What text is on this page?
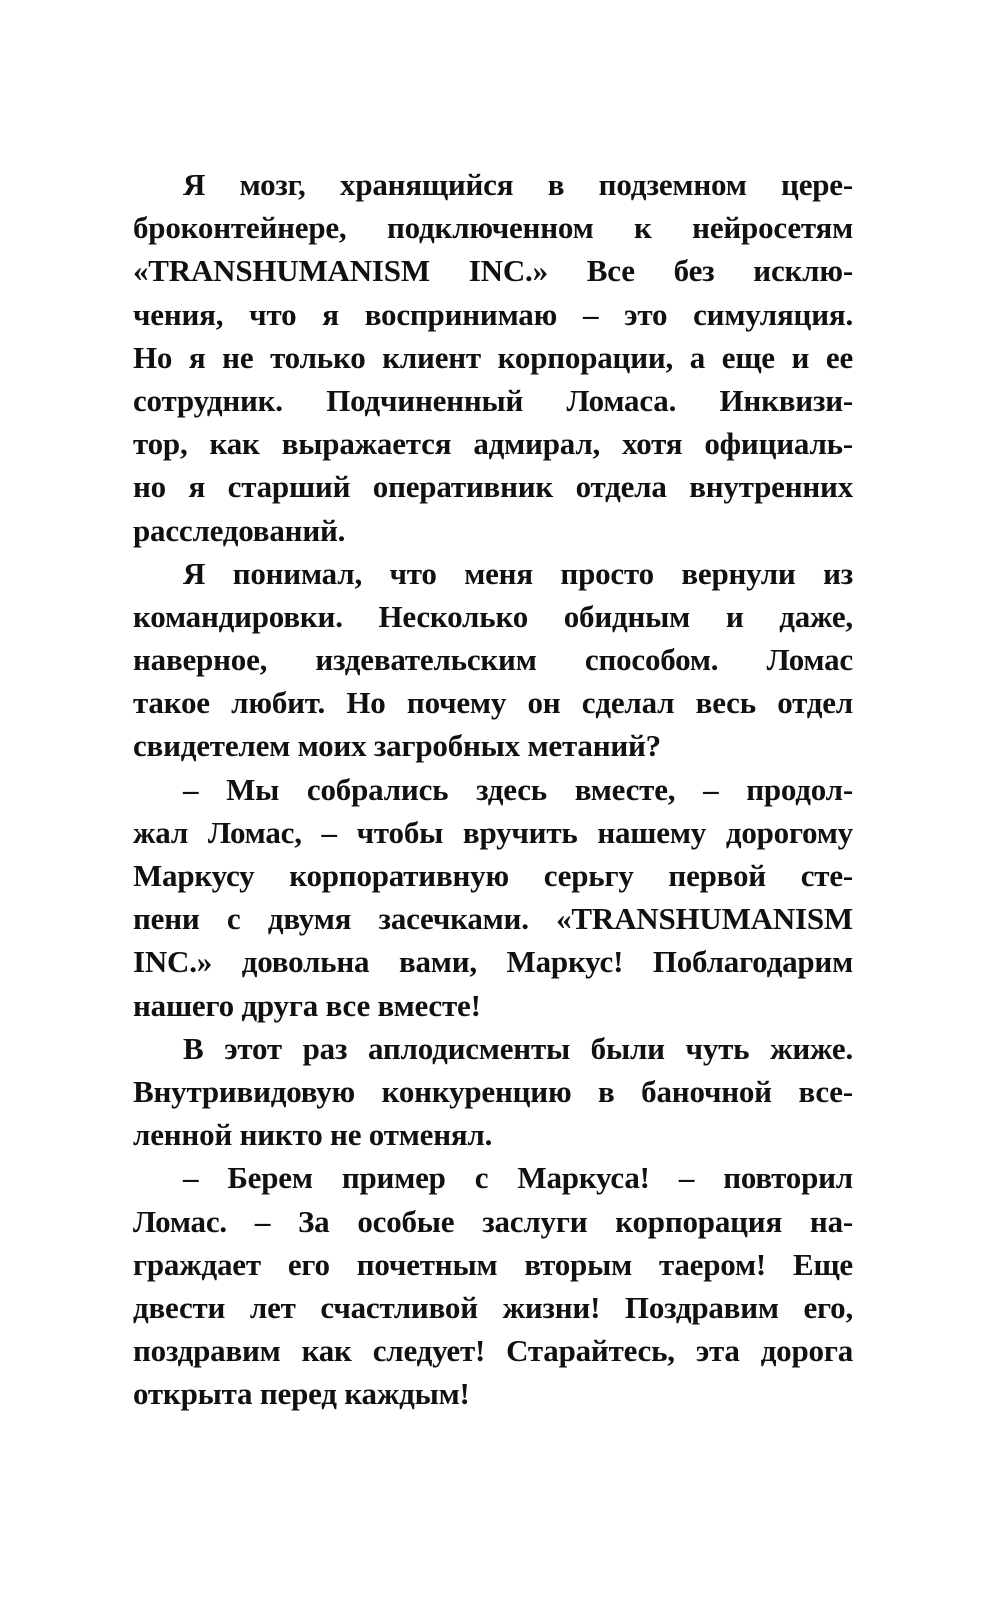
Я мозг, хранящийся в подземном цере-
броконтейнере, подключенном к нейросетям
«TRANSHUMANISM INC.» Все без исклю-
чения, что я воспринимаю – это симуляция.
Но я не только клиент корпорации, а еще и ее
сотрудник. Подчиненный Ломаса. Инквизи-
тор, как выражается адмирал, хотя официаль-
но я старший оперативник отдела внутренних
расследований.
Я понимал, что меня просто вернули из
командировки. Несколько обидным и даже,
наверное, издевательским способом. Ломас
такое любит. Но почему он сделал весь отдел
свидетелем моих загробных метаний?
– Мы собрались здесь вместе, – продол-
жал Ломас, – чтобы вручить нашему дорогому
Маркусу корпоративную серьгу первой сте-
пени с двумя засечками. «TRANSHUMANISM
INC.» довольна вами, Маркус! Поблагодарим
нашего друга все вместе!
В этот раз аплодисменты были чуть жиже.
Внутривидовую конкуренцию в баночной все-
ленной никто не отменял.
– Берем пример с Маркуса! – повторил
Ломас. – За особые заслуги корпорация на-
граждает его почетным вторым таером! Еще
двести лет счастливой жизни! Поздравим его,
поздравим как следует! Старайтесь, эта дорога
открыта перед каждым!
